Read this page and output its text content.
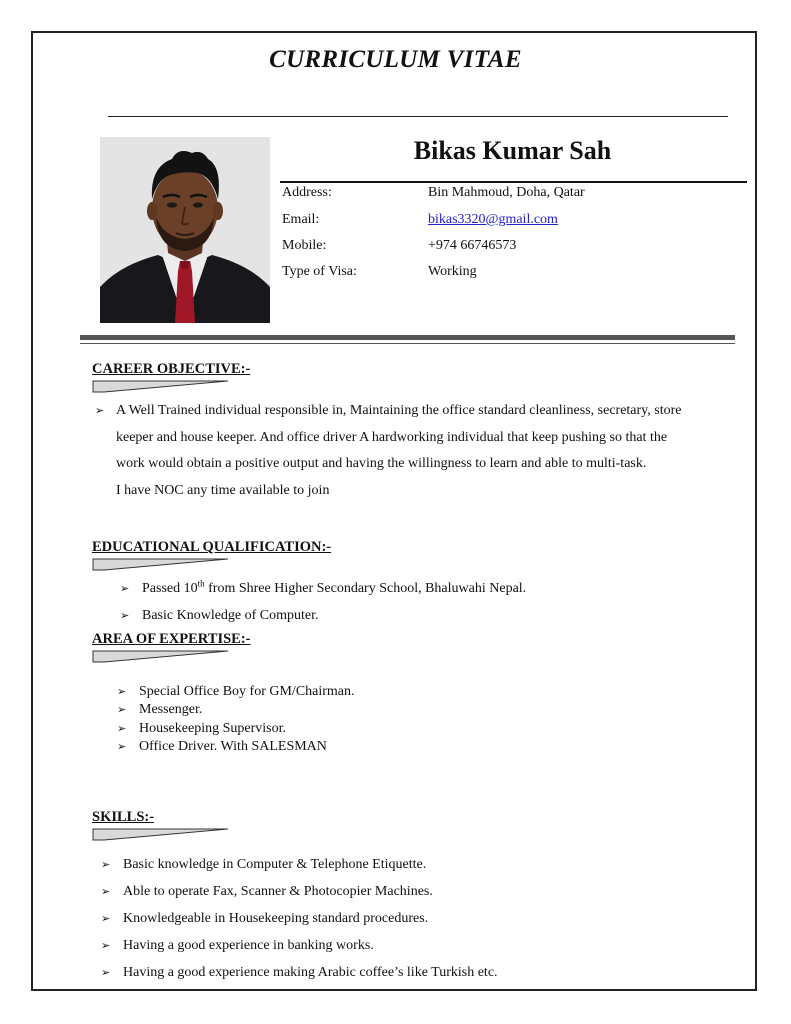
CURRICULUM VITAE
Bikas Kumar Sah
Address:	Bin Mahmoud, Doha, Qatar
Email:	bikas3320@gmail.com
Mobile:	+974 66746573
Type of Visa:	Working
CAREER OBJECTIVE:-
➢ A Well Trained individual responsible in, Maintaining the office standard cleanliness, secretary, store
keeper and house keeper. And office driver A hardworking individual that keep pushing so that the
work would obtain a positive output and having the willingness to learn and able to multi-task.
I have NOC any time available to join
EDUCATIONAL QUALIFICATION:-
➢ Passed 10th from Shree Higher Secondary School, Bhaluwahi Nepal.
➢ Basic Knowledge of Computer.
AREA OF EXPERTISE:-
➢ Special Office Boy for GM/Chairman.
➢ Messenger.
➢ Housekeeping Supervisor.
➢ Office Driver. With SALESMAN
SKILLS:-
➢ Basic knowledge in Computer & Telephone Etiquette.
➢ Able to operate Fax, Scanner & Photocopier Machines.
➢ Knowledgeable in Housekeeping standard procedures.
➢ Having a good experience in banking works.
➢ Having a good experience making Arabic coffee’s like Turkish etc.
